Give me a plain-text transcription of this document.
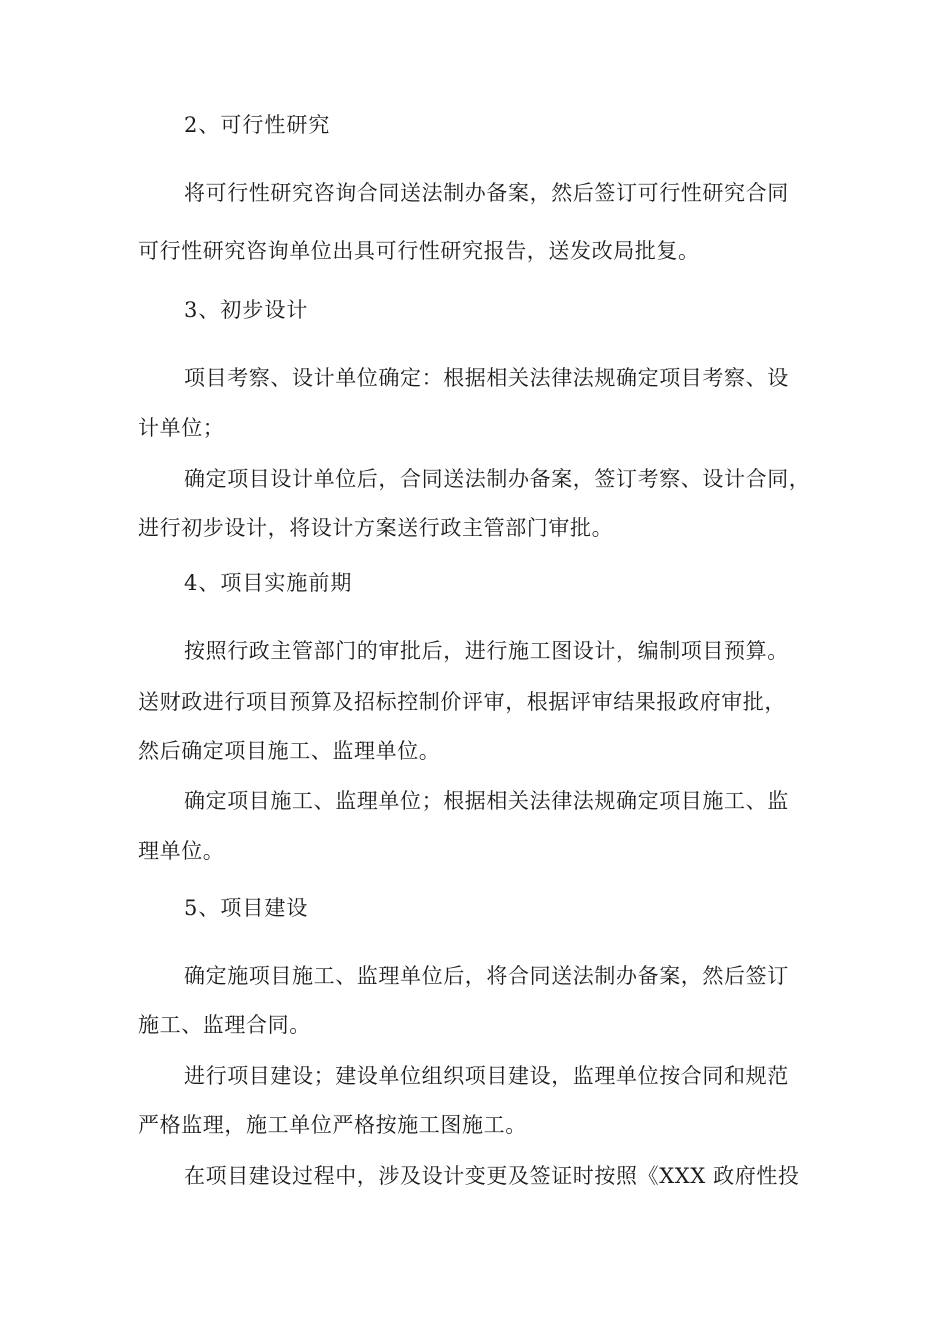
2、可行性研究
将可行性研究咨询合同送法制办备案，然后签订可行性研究合同
可行性研究咨询单位出具可行性研究报告，送发改局批复。
3、初步设计
项目考察、设计单位确定：根据相关法律法规确定项目考察、设
计单位；
确定项目设计单位后，合同送法制办备案，签订考察、设计合同，
进行初步设计，将设计方案送行政主管部门审批。
4、项目实施前期
按照行政主管部门的审批后，进行施工图设计，编制项目预算。
送财政进行项目预算及招标控制价评审，根据评审结果报政府审批，
然后确定项目施工、监理单位。
确定项目施工、监理单位；根据相关法律法规确定项目施工、监
理单位。
5、项目建设
确定施项目施工、监理单位后，将合同送法制办备案，然后签订
施工、监理合同。
进行项目建设；建设单位组织项目建设，监理单位按合同和规范
严格监理，施工单位严格按施工图施工。
在项目建设过程中，涉及设计变更及签证时按照《XXX 政府性投
